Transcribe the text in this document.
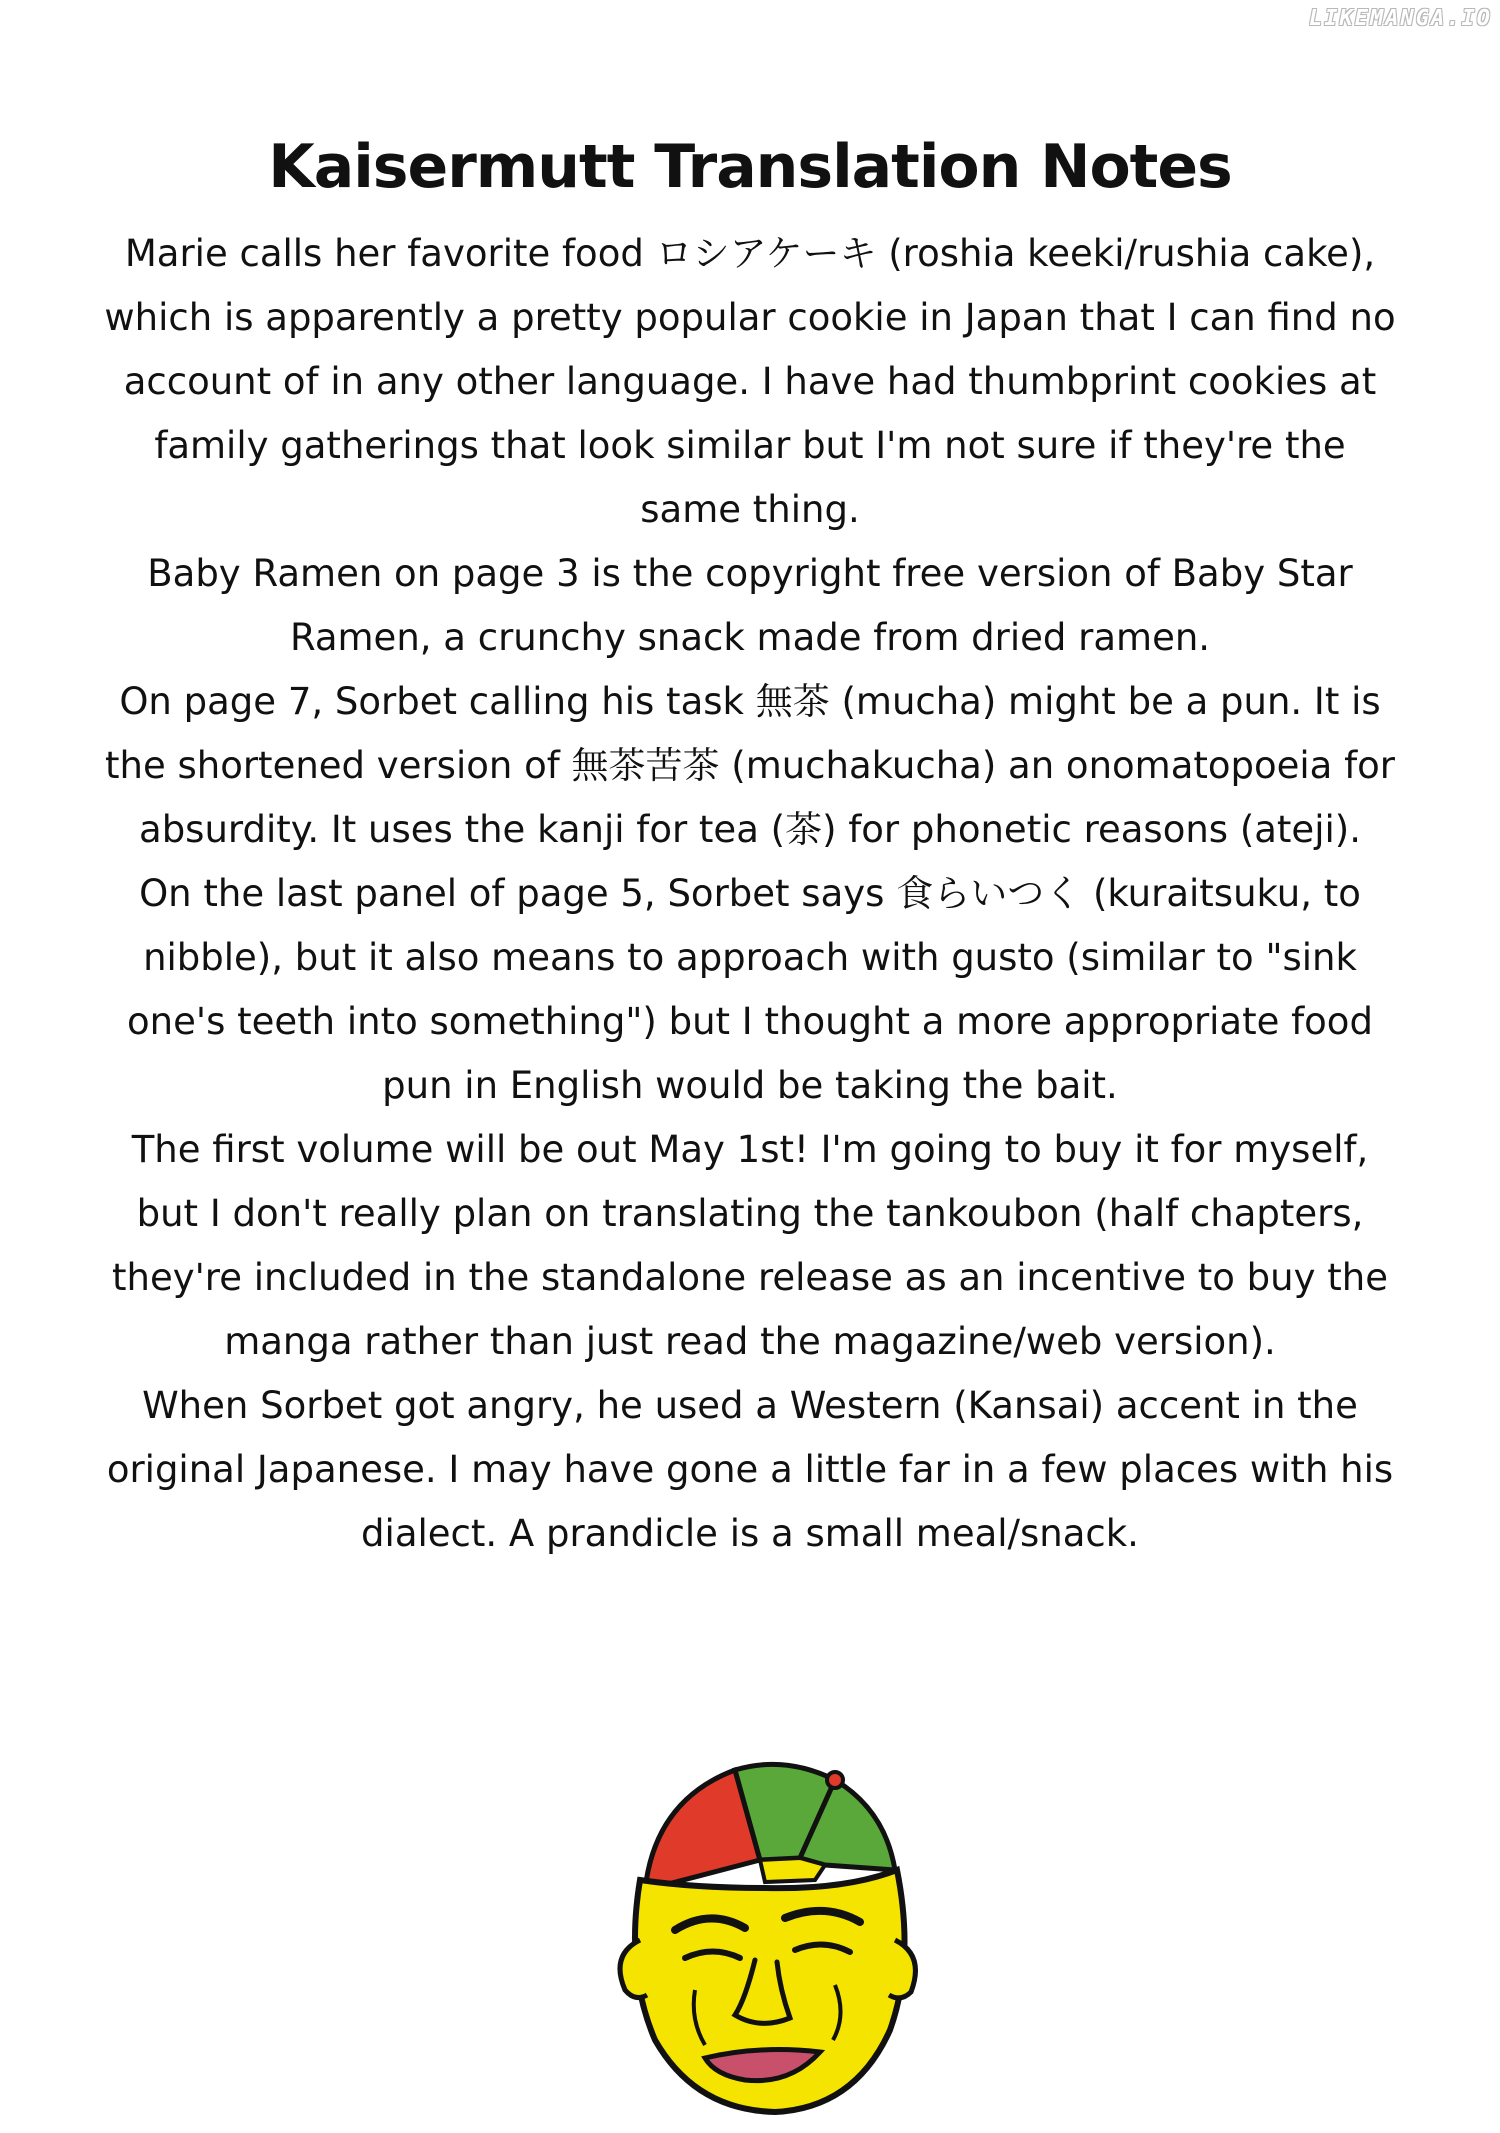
LIKEMANGA.IO
Kaisermutt Translation Notes

Marie calls her favorite food ロシアケーキ (roshia keeki/rushia cake), which is apparently a pretty popular cookie in Japan that I can find no account of in any other language. I have had thumbprint cookies at family gatherings that look similar but I'm not sure if they're the same thing.

Baby Ramen on page 3 is the copyright free version of Baby Star Ramen, a crunchy snack made from dried ramen.

On page 7, Sorbet calling his task 無茶 (mucha) might be a pun. It is the shortened version of 無茶苦茶 (muchakucha) an onomatopoeia for absurdity. It uses the kanji for tea (茶) for phonetic reasons (ateji).

On the last panel of page 5, Sorbet says 食らいつく (kuraitsuku, to nibble), but it also means to approach with gusto (similar to "sink one's teeth into something") but I thought a more appropriate food pun in English would be taking the bait.

The first volume will be out May 1st! I'm going to buy it for myself, but I don't really plan on translating the tankoubon (half chapters, they're included in the standalone release as an incentive to buy the manga rather than just read the magazine/web version).

When Sorbet got angry, he used a Western (Kansai) accent in the original Japanese. I may have gone a little far in a few places with his dialect. A prandicle is a small meal/snack.
